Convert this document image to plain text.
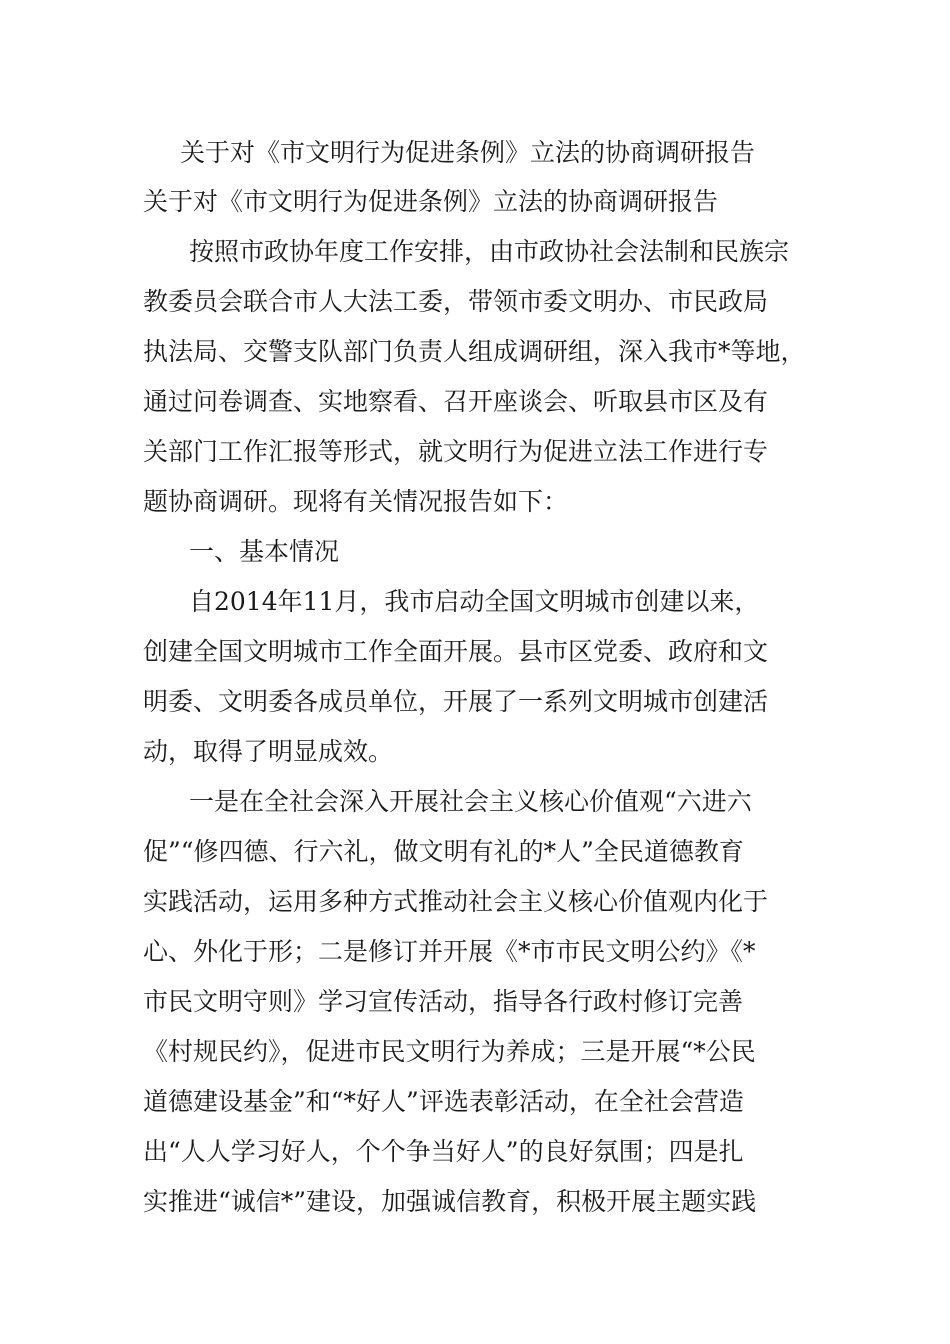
关于对《市文明行为促进条例》立法的协商调研报告
关于对《市文明行为促进条例》立法的协商调研报告
按照市政协年度工作安排，由市政协社会法制和民族宗
教委员会联合市人大法工委，带领市委文明办、市民政局
执法局、交警支队部门负责人组成调研组，深入我市*等地，
通过问卷调查、实地察看、召开座谈会、听取县市区及有
关部门工作汇报等形式，就文明行为促进立法工作进行专
题协商调研。现将有关情况报告如下：
一、基本情况
自2014年11月，我市启动全国文明城市创建以来，
创建全国文明城市工作全面开展。县市区党委、政府和文
明委、文明委各成员单位，开展了一系列文明城市创建活
动，取得了明显成效。
一是在全社会深入开展社会主义核心价值观“六进六
促”“修四德、行六礼，做文明有礼的*人”全民道德教育
实践活动，运用多种方式推动社会主义核心价值观内化于
心、外化于形；二是修订并开展《*市市民文明公约》《*
市民文明守则》学习宣传活动，指导各行政村修订完善
《村规民约》，促进市民文明行为养成；三是开展“*公民
道德建设基金”和“*好人”评选表彰活动，在全社会营造
出“人人学习好人，个个争当好人”的良好氛围；四是扎
实推进“诚信*”建设，加强诚信教育，积极开展主题实践
